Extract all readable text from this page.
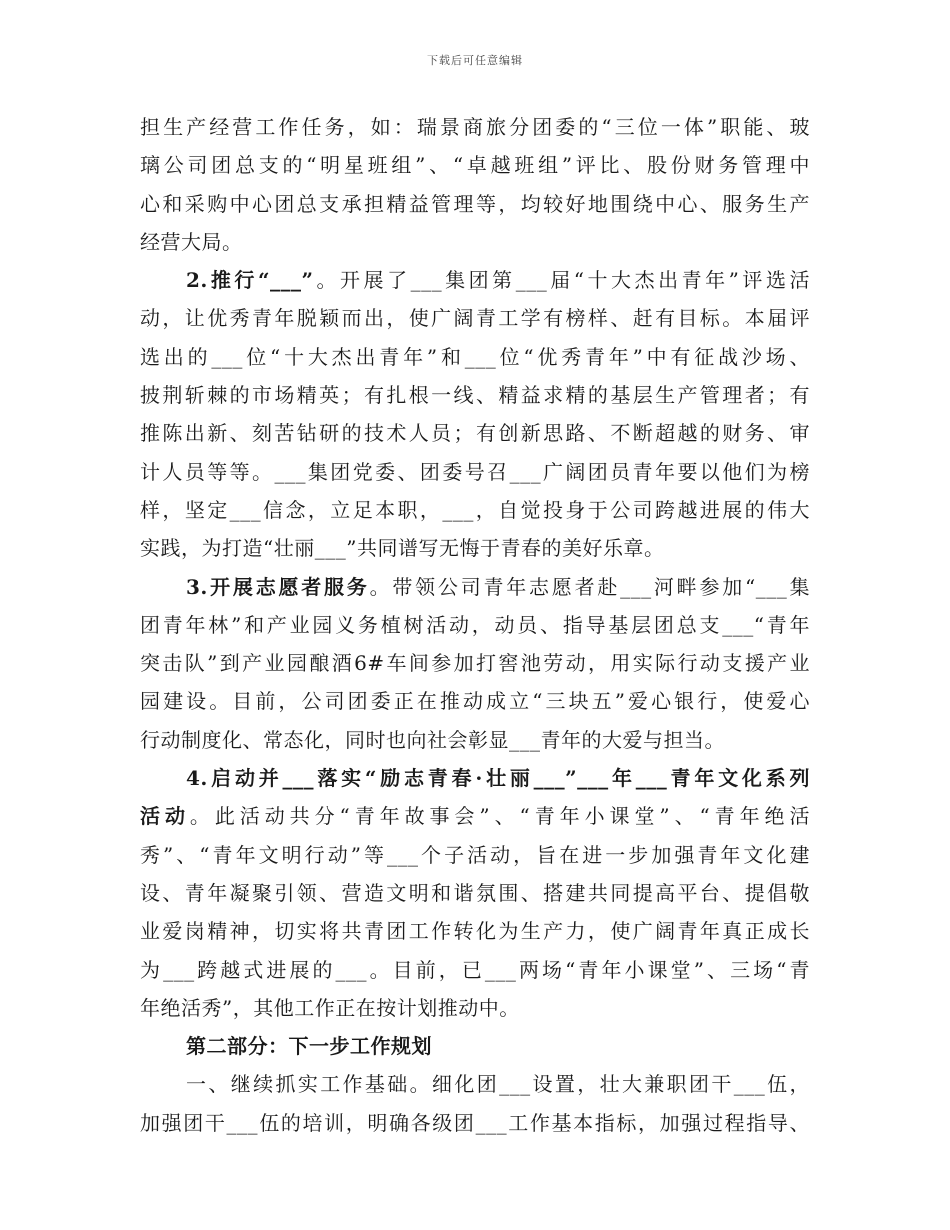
下载后可任意编辑
担生产经营工作任务，如：瑞景商旅分团委的“三位一体”职能、玻
璃公司团总支的“明星班组”、“卓越班组”评比、股份财务管理中
心和采购中心团总支承担精益管理等，均较好地围绕中心、服务生产
经营大局。
2.推行“___”。开展了___集团第___届“十大杰出青年”评选活
动，让优秀青年脱颖而出，使广阔青工学有榜样、赶有目标。本届评
选出的___位“十大杰出青年”和___位“优秀青年”中有征战沙场、
披荆斩棘的市场精英；有扎根一线、精益求精的基层生产管理者；有
推陈出新、刻苦钻研的技术人员；有创新思路、不断超越的财务、审
计人员等等。___集团党委、团委号召___广阔团员青年要以他们为榜
样，坚定___信念，立足本职，___，自觉投身于公司跨越进展的伟大
实践，为打造“壮丽___”共同谱写无悔于青春的美好乐章。
3.开展志愿者服务。带领公司青年志愿者赴___河畔参加“___集
团青年林”和产业园义务植树活动，动员、指导基层团总支___“青年
突击队”到产业园酿酒6#车间参加打窖池劳动，用实际行动支援产业
园建设。目前，公司团委正在推动成立“三块五”爱心银行，使爱心
行动制度化、常态化，同时也向社会彰显___青年的大爱与担当。
4.启动并___落实“励志青春·壮丽___”___年___青年文化系列
活动。此活动共分“青年故事会”、“青年小课堂”、“青年绝活
秀”、“青年文明行动”等___个子活动，旨在进一步加强青年文化建
设、青年凝聚引领、营造文明和谐氛围、搭建共同提高平台、提倡敬
业爱岗精神，切实将共青团工作转化为生产力，使广阔青年真正成长
为___跨越式进展的___。目前，已___两场“青年小课堂”、三场“青
年绝活秀”，其他工作正在按计划推动中。
第二部分：下一步工作规划
一、继续抓实工作基础。细化团___设置，壮大兼职团干___伍，
加强团干___伍的培训，明确各级团___工作基本指标，加强过程指导、
